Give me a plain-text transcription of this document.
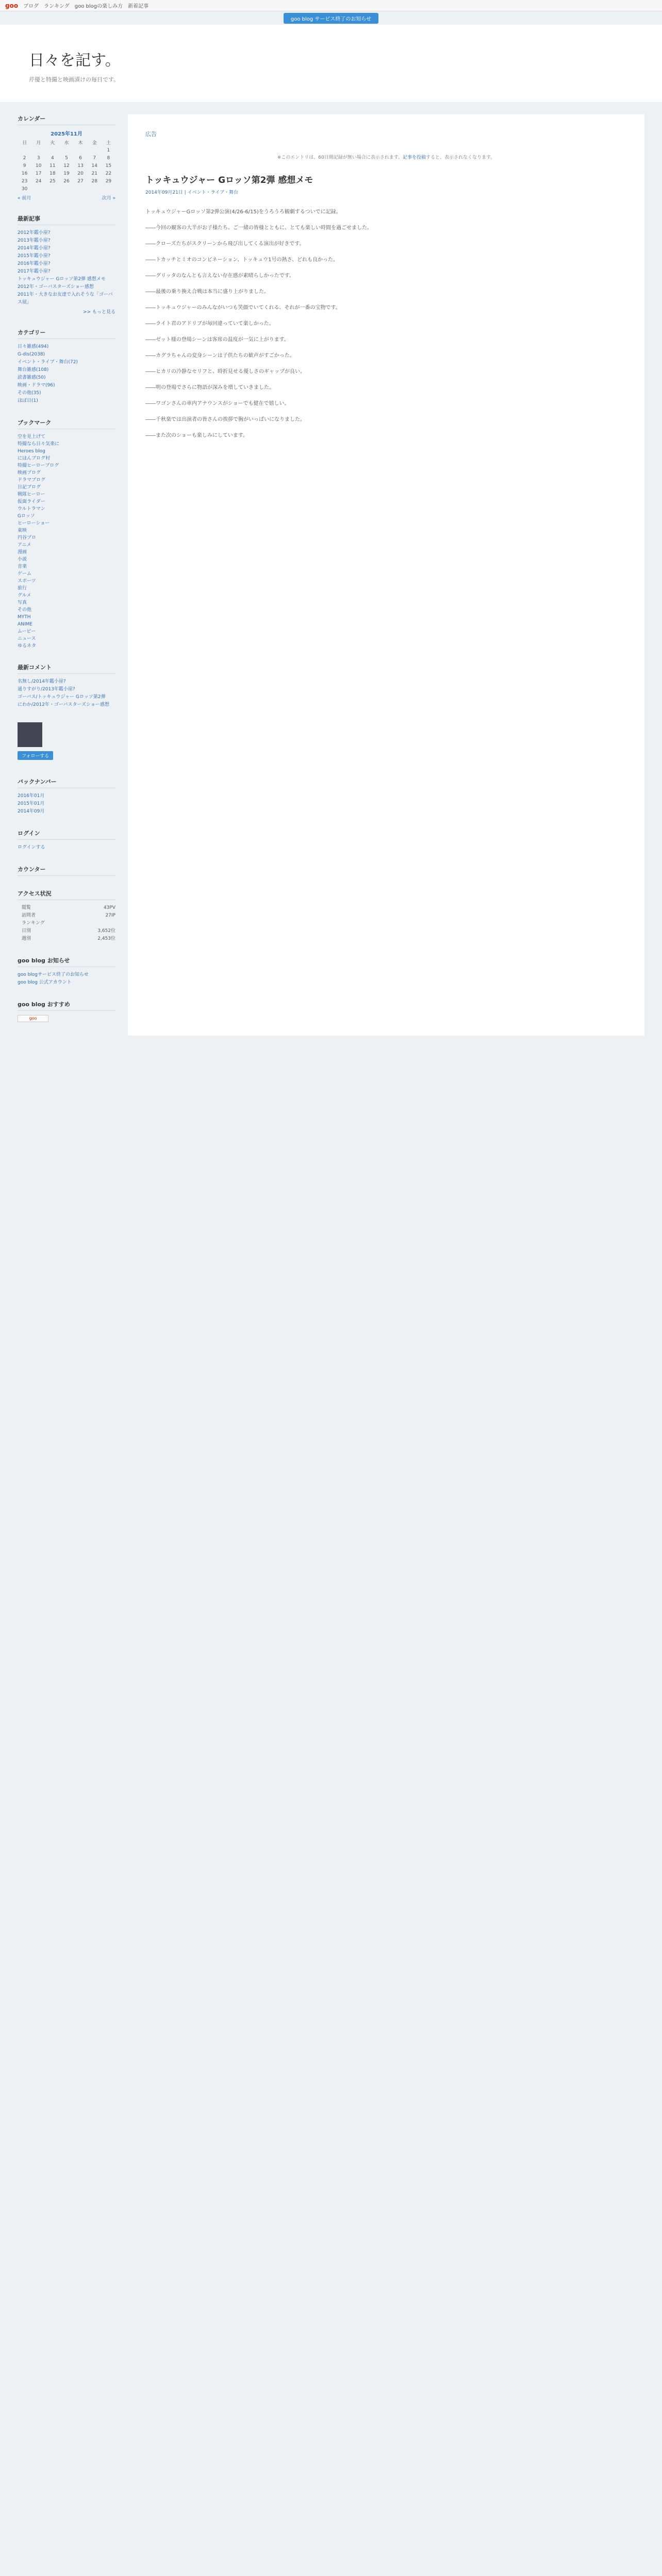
goo ブログ ランキング goo blogの楽しみ方 新着記事
goo blog サービス終了のお知らせ
日々を記す。
芹優と特撮と映画漬けの毎日です。
カレンダー
2025年11月
日	月	火	水	木	金	土
						1
2	3	4	5	6	7	8
9	10	11	12	13	14	15
16	17	18	19	20	21	22
23	24	25	26	27	28	29
30						
« 前月	次月 »
最新記事
2012年鑑小崖?
2013年鑑小崖?
2014年鑑小崖?
2015年鑑小崖?
2016年鑑小崖?
2017年鑑小崖?
トッキュウジャー Gロッソ第2弾 感想メモ
2012年・ゴーバスターズショー感想
2011年・大きなお友達で入れそうな「ゴーバス展」
>> もっと見る
カテゴリー
日々雑感(494)
G-dis(2038)
イベント・ライブ・舞台(72)
舞台雑感(108)
読書雑感(50)
映画・ドラマ(96)
その他(35)
ほぼ日(1)
ブックマーク
空を見上げて
特撮なら日々気楽に
Heroes blog
にほんブログ村
特撮ヒーローブログ
映画ブログ
ドラマブログ
日記ブログ
戦隊ヒーロー
仮面ライダー
ウルトラマン
Gロッソ
ヒーローショー
東映
円谷プロ
アニメ
漫画
小説
音楽
ゲーム
スポーツ
旅行
グルメ
写真
その他
MYTH
ANIME
ムービー
ニュース
ゆるネタ
最新コメント
名無し/2014年鑑小崖?
通りすがり/2013年鑑小崖?
ゴーバス/トッキュウジャー Gロッソ第2弾
にわか/2012年・ゴーバスターズショー感想
フォローする
バックナンバー
2016年01月
2015年01月
2014年09月
ログイン
ログインする
カウンター
アクセス状況
閲覧	43PV
訪問者	27IP
ランキング
日別	3,652位
週別	2,453位
goo blog お知らせ
goo blogサービス終了のお知らせ
goo blog 公式アカウント
goo blog おすすめ
goo
広告
※このエントリは、60日間記録が無い場合に表示されます。記事を投稿すると、表示されなくなります。
トッキュウジャー Gロッソ第2弾 感想メモ
2014年09月21日 | イベント・ライブ・舞台

トッキュウジャーGロッソ第2弾公演(4/26-6/15)をうろうろ観劇するついでに記録。

――今回の観客の大半がお子様たち。ご一緒の皆様とともに、とても楽しい時間を過ごせました。

――クローズたちがスクリーンから飛び出してくる演出が好きです。

――トカッチとミオのコンビネーション、トッキュウ1号の熱さ、どれも良かった。

――グリッタのなんとも言えない存在感が素晴らしかったです。

――最後の乗り換え合戦は本当に盛り上がりました。

――トッキュウジャーのみんながいつも笑顔でいてくれる、それが一番の宝物です。

――ライト君のアドリブが毎回違っていて楽しかった。

――ゼット様の登場シーンは客席の温度が一気に上がります。

――カグラちゃんの変身シーンは子供たちの歓声がすごかった。

――ヒカリの冷静なセリフと、時折見せる優しさのギャップが良い。

――明の登場でさらに物語が深みを増していきました。

――ワゴンさんの車内アナウンスがショーでも健在で嬉しい。

――千秋楽では出演者の皆さんの挨拶で胸がいっぱいになりました。

――また次のショーも楽しみにしています。
